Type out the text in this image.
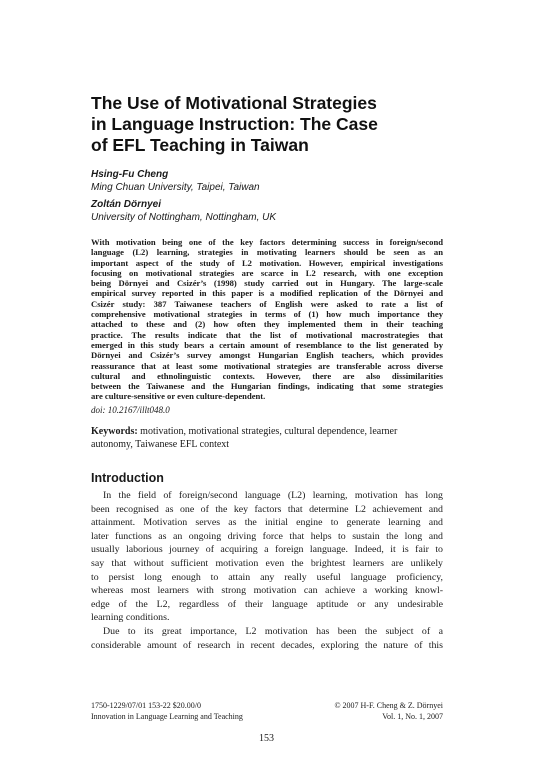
The Use of Motivational Strategies
in Language Instruction: The Case
of EFL Teaching in Taiwan
Hsing-Fu Cheng
Ming Chuan University, Taipei, Taiwan
Zoltán Dörnyei
University of Nottingham, Nottingham, UK
With motivation being one of the key factors determining success in foreign/second
language (L2) learning, strategies in motivating learners should be seen as an
important aspect of the study of L2 motivation. However, empirical investigations
focusing on motivational strategies are scarce in L2 research, with one exception
being Dörnyei and Csizér’s (1998) study carried out in Hungary. The large-scale
empirical survey reported in this paper is a modified replication of the Dörnyei and
Csizér study: 387 Taiwanese teachers of English were asked to rate a list of
comprehensive motivational strategies in terms of (1) how much importance they
attached to these and (2) how often they implemented them in their teaching
practice. The results indicate that the list of motivational macrostrategies that
emerged in this study bears a certain amount of resemblance to the list generated by
Dörnyei and Csizér’s survey amongst Hungarian English teachers, which provides
reassurance that at least some motivational strategies are transferable across diverse
cultural and ethnolinguistic contexts. However, there are also dissimilarities
between the Taiwanese and the Hungarian findings, indicating that some strategies
are culture-sensitive or even culture-dependent.
doi: 10.2167/illt048.0
Keywords: motivation, motivational strategies, cultural dependence, learner
autonomy, Taiwanese EFL context
Introduction
In the field of foreign/second language (L2) learning, motivation has long
been recognised as one of the key factors that determine L2 achievement and
attainment. Motivation serves as the initial engine to generate learning and
later functions as an ongoing driving force that helps to sustain the long and
usually laborious journey of acquiring a foreign language. Indeed, it is fair to
say that without sufficient motivation even the brightest learners are unlikely
to persist long enough to attain any really useful language proficiency,
whereas most learners with strong motivation can achieve a working knowl-
edge of the L2, regardless of their language aptitude or any undesirable
learning conditions.
Due to its great importance, L2 motivation has been the subject of a
considerable amount of research in recent decades, exploring the nature of this
1750-1229/07/01 153-22 $20.00/0
Innovation in Language Learning and Teaching
© 2007 H-F. Cheng & Z. Dörnyei
Vol. 1, No. 1, 2007
153
